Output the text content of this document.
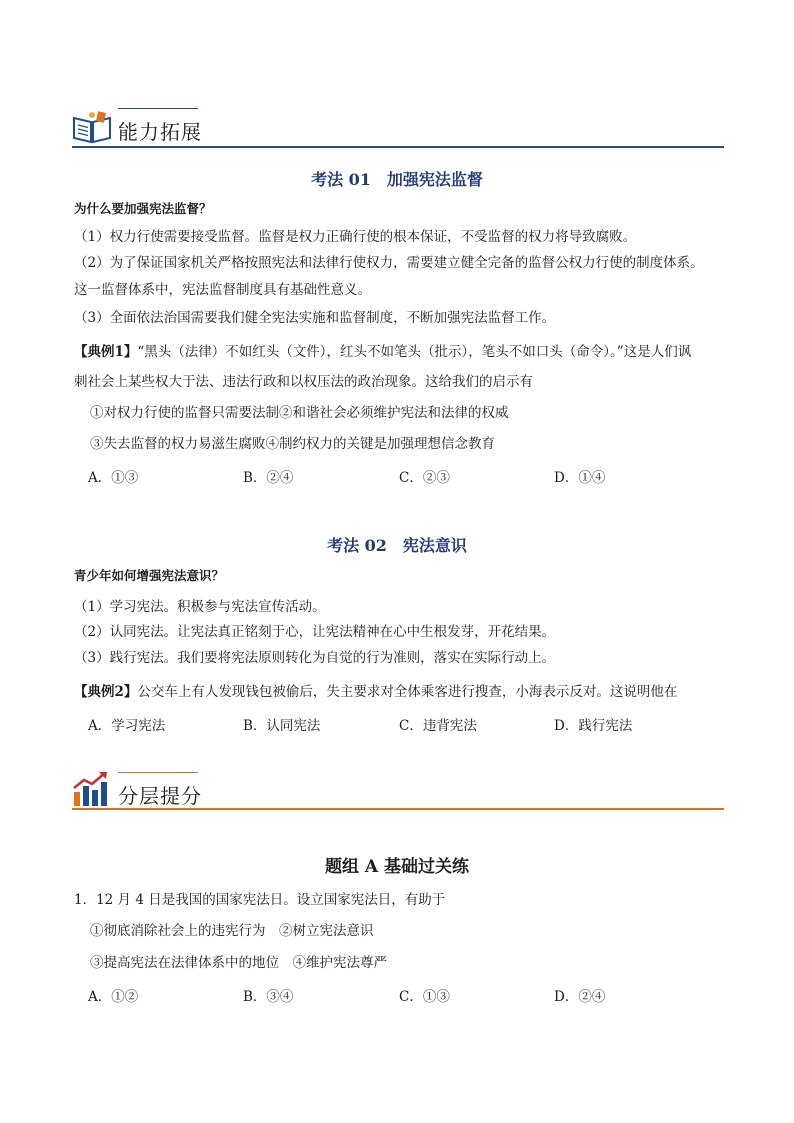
能力拓展
考法 01　加强宪法监督
为什么要加强宪法监督？
（1）权力行使需要接受监督。监督是权力正确行使的根本保证，不受监督的权力将导致腐败。
（2）为了保证国家机关严格按照宪法和法律行使权力，需要建立健全完备的监督公权力行使的制度体系。
这一监督体系中，宪法监督制度具有基础性意义。
（3）全面依法治国需要我们健全宪法实施和监督制度，不断加强宪法监督工作。
【典例1】“黑头（法律）不如红头（文件），红头不如笔头（批示），笔头不如口头（命令）。”这是人们讽
刺社会上某些权大于法、违法行政和以权压法的政治现象。这给我们的启示有
①对权力行使的监督只需要法制②和谐社会必须维护宪法和法律的权威
③失去监督的权力易滋生腐败④制约权力的关键是加强理想信念教育
A．①③	B．②④	C．②③	D．①④
考法 02　宪法意识
青少年如何增强宪法意识？
（1）学习宪法。积极参与宪法宣传活动。
（2）认同宪法。让宪法真正铭刻于心，让宪法精神在心中生根发芽，开花结果。
（3）践行宪法。我们要将宪法原则转化为自觉的行为准则，落实在实际行动上。
【典例2】公交车上有人发现钱包被偷后，失主要求对全体乘客进行搜查，小海表示反对。这说明他在
A．学习宪法	B．认同宪法	C．违背宪法	D．践行宪法
分层提分
题组 A 基础过关练
1．12 月 4 日是我国的国家宪法日。设立国家宪法日，有助于
①彻底消除社会上的违宪行为　②树立宪法意识
③提高宪法在法律体系中的地位　④维护宪法尊严
A．①②	B．③④	C．①③	D．②④
